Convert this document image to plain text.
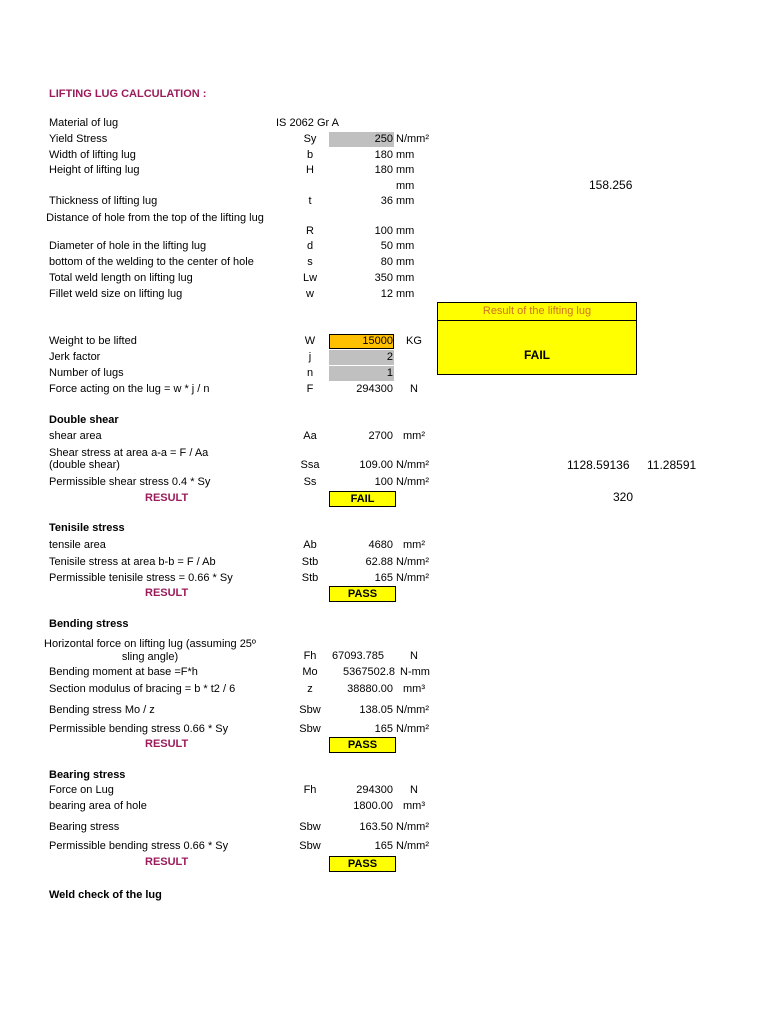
LIFTING LUG CALCULATION :
Material of lug	IS 2062 Gr A
Yield Stress	Sy	250 N/mm²
Width of lifting lug	b	180 mm
Height of lifting lug	H	180 mm
mm	158.256
Thickness of lifting lug	t	36 mm
Distance of hole from the top of the lifting lug
R	100 mm
Diameter of hole in the lifting lug	d	50 mm
bottom of the welding to the center of hole	s	80 mm
Total weld length on lifting lug	Lw	350 mm
Fillet weld size on lifting lug	w	12 mm
Result of the lifting lug
FAIL
Weight to be lifted	W	15000 KG
Jerk factor	j	2
Number of lugs	n	1
Force acting on the lug = w * j / n	F	294300 N
Double shear
shear area	Aa	2700 mm²
Shear stress at area a-a = F / Aa
(double shear)	Ssa	109.00 N/mm²	1128.59136 11.28591
Permissible shear stress 0.4 * Sy	Ss	100 N/mm²
RESULT	FAIL	320
Tenisile stress
tensile area	Ab	4680 mm²
Tenisile stress at area b-b = F / Ab	Stb	62.88 N/mm²
Permissible tenisile stress = 0.66 * Sy	Stb	165 N/mm²
RESULT	PASS
Bending stress
Horizontal force on lifting lug (assuming 25º sling angle)	Fh	67093.785 N
Bending moment at base =F*h	Mo	5367502.8 N-mm
Section modulus of bracing = b * t2 / 6	z	38880.00 mm³
Bending stress Mo / z	Sbw	138.05 N/mm²
Permissible bending stress 0.66 * Sy	Sbw	165 N/mm²
RESULT	PASS
Bearing stress
Force on Lug	Fh	294300 N
bearing area of hole	1800.00 mm³
Bearing stress	Sbw	163.50 N/mm²
Permissible bending stress 0.66 * Sy	Sbw	165 N/mm²
RESULT	PASS
Weld check of the lug
